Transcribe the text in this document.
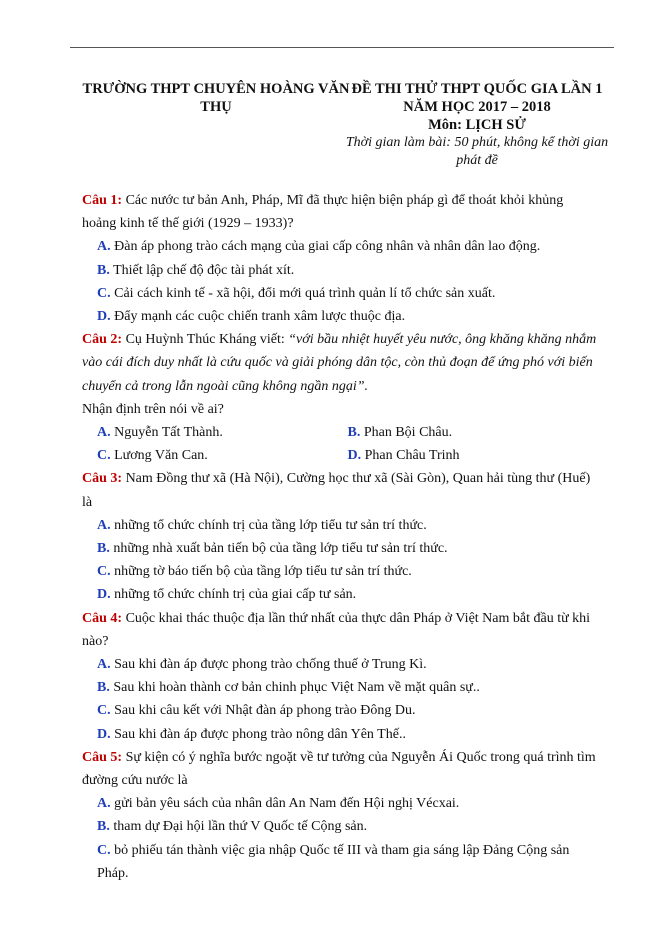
TRƯỜNG THPT CHUYÊN HOÀNG VĂN THỤ
ĐỀ THI THỬ THPT QUỐC GIA LẦN 1
NĂM HỌC 2017 – 2018
Môn: LỊCH SỬ
Thời gian làm bài: 50 phút, không kể thời gian phát đề

Câu 1: Các nước tư bản Anh, Pháp, Mĩ đã thực hiện biện pháp gì để thoát khỏi khủng hoảng kinh tế thế giới (1929 – 1933)?

A. Đàn áp phong trào cách mạng của giai cấp công nhân và nhân dân lao động.

B. Thiết lập chế độ độc tài phát xít.

C. Cải cách kinh tế - xã hội, đổi mới quá trình quản lí tổ chức sản xuất.

D. Đẩy mạnh các cuộc chiến tranh xâm lược thuộc địa.

Câu 2: Cụ Huỳnh Thúc Kháng viết: “với bầu nhiệt huyết yêu nước, ông khăng khăng nhắm vào cái đích duy nhất là cứu quốc và giải phóng dân tộc, còn thủ đoạn để ứng phó với biến chuyển cả trong lẫn ngoài cũng không ngần ngại”.

Nhận định trên nói về ai?

A. Nguyễn Tất Thành.	B. Phan Bội Châu.
C. Lương Văn Can.	D. Phan Châu Trinh

Câu 3: Nam Đồng thư xã (Hà Nội), Cường học thư xã (Sài Gòn), Quan hải tùng thư (Huế) là

A. những tổ chức chính trị của tầng lớp tiểu tư sản trí thức.

B. những nhà xuất bản tiến bộ của tầng lớp tiểu tư sản trí thức.

C. những tờ báo tiến bộ của tầng lớp tiểu tư sản trí thức.

D. những tổ chức chính trị của giai cấp tư sản.

Câu 4: Cuộc khai thác thuộc địa lần thứ nhất của thực dân Pháp ở Việt Nam bắt đầu từ khi nào?

A. Sau khi đàn áp được phong trào chống thuế ở Trung Kì.

B. Sau khi hoàn thành cơ bản chinh phục Việt Nam về mặt quân sự..

C. Sau khi câu kết với Nhật đàn áp phong trào Đông Du.

D. Sau khi đàn áp được phong trào nông dân Yên Thế..

Câu 5: Sự kiện có ý nghĩa bước ngoặt về tư tưởng của Nguyễn Ái Quốc trong quá trình tìm đường cứu nước là

A. gửi bản yêu sách của nhân dân An Nam đến Hội nghị Vécxai.

B. tham dự Đại hội lần thứ V Quốc tế Cộng sản.

C. bỏ phiếu tán thành việc gia nhập Quốc tế III và tham gia sáng lập Đảng Cộng sản Pháp.
